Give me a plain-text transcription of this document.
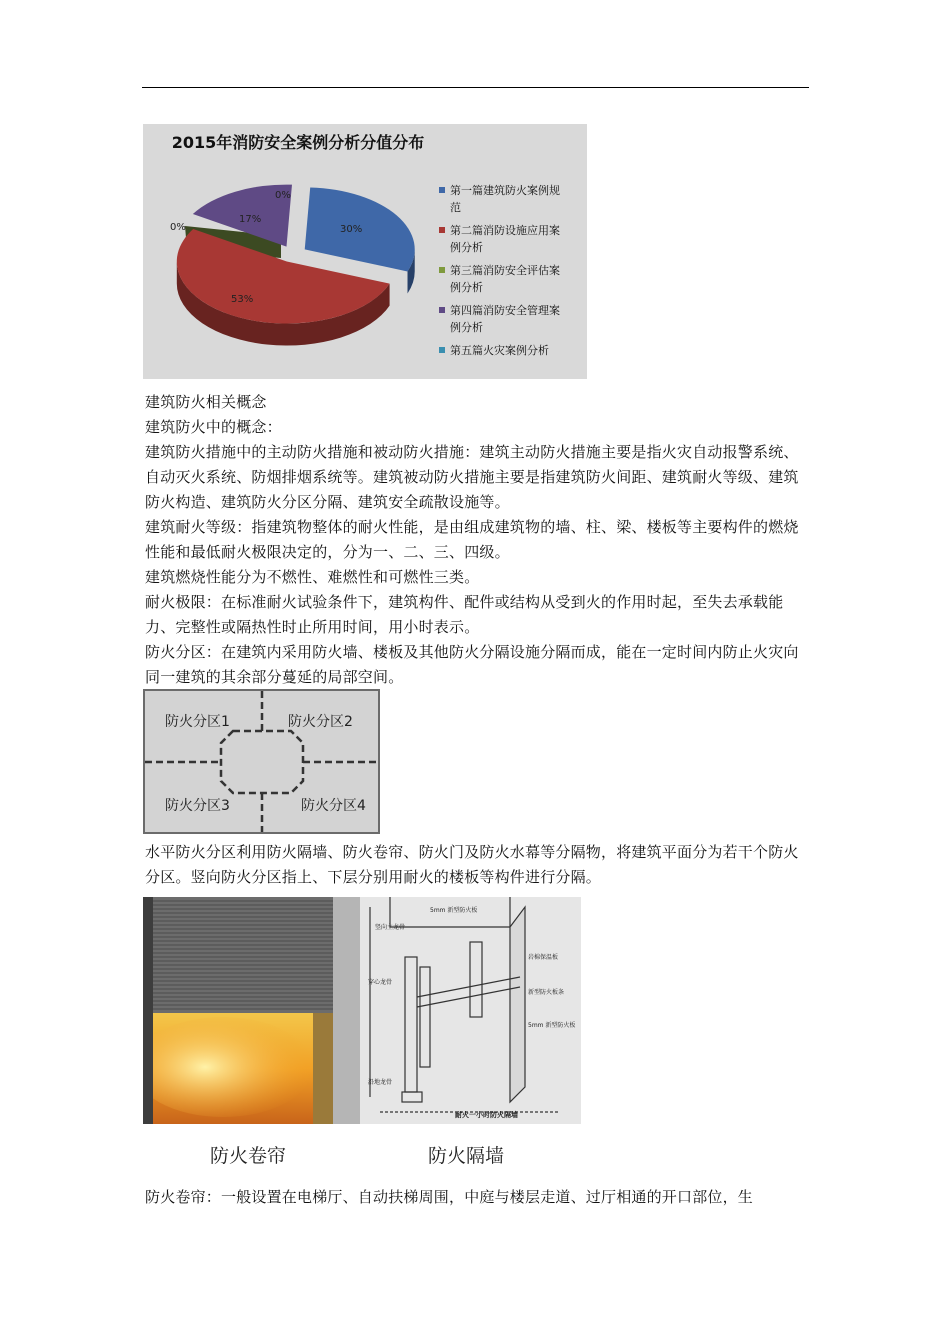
2015年消防安全案例分析分值分布
30%
53%
0%
17%
0%	第一篇建筑防火案例规
范
第二篇消防设施应用案
例分析
第三篇消防安全评估案
例分析
第四篇消防安全管理案
例分析
第五篇火灾案例分析

建筑防火相关概念

建筑防火中的概念：

建筑防火措施中的主动防火措施和被动防火措施：建筑主动防火措施主要是指火灾自动报警系统、自动灭火系统、防烟排烟系统等。建筑被动防火措施主要是指建筑防火间距、建筑耐火等级、建筑防火构造、建筑防火分区分隔、建筑安全疏散设施等。

建筑耐火等级：指建筑物整体的耐火性能，是由组成建筑物的墙、柱、梁、楼板等主要构件的燃烧性能和最低耐火极限决定的，分为一、二、三、四级。

建筑燃烧性能分为不燃性、难燃性和可燃性三类。

耐火极限：在标准耐火试验条件下，建筑构件、配件或结构从受到火的作用时起，至失去承载能力、完整性或隔热性时止所用时间，用小时表示。

防火分区：在建筑内采用防火墙、楼板及其他防火分隔设施分隔而成，能在一定时间内防止火灾向同一建筑的其余部分蔓延的局部空间。

防火分区1	防火分区2
防火分区3	防火分区4

水平防火分区利用防火隔墙、防火卷帘、防火门及防火水幕等分隔物，将建筑平面分为若干个防火分区。竖向防火分区指上、下层分别用耐火的楼板等构件进行分隔。

耐火一小时防火隔墙
5mm 新型防火板
竖向主龙骨
岩棉保温板
穿心龙骨
新型防火板条
5mm 新型防火板
沿地龙骨
防火卷帘	防火隔墙

防火卷帘：一般设置在电梯厅、自动扶梯周围，中庭与楼层走道、过厅相通的开口部位，生
